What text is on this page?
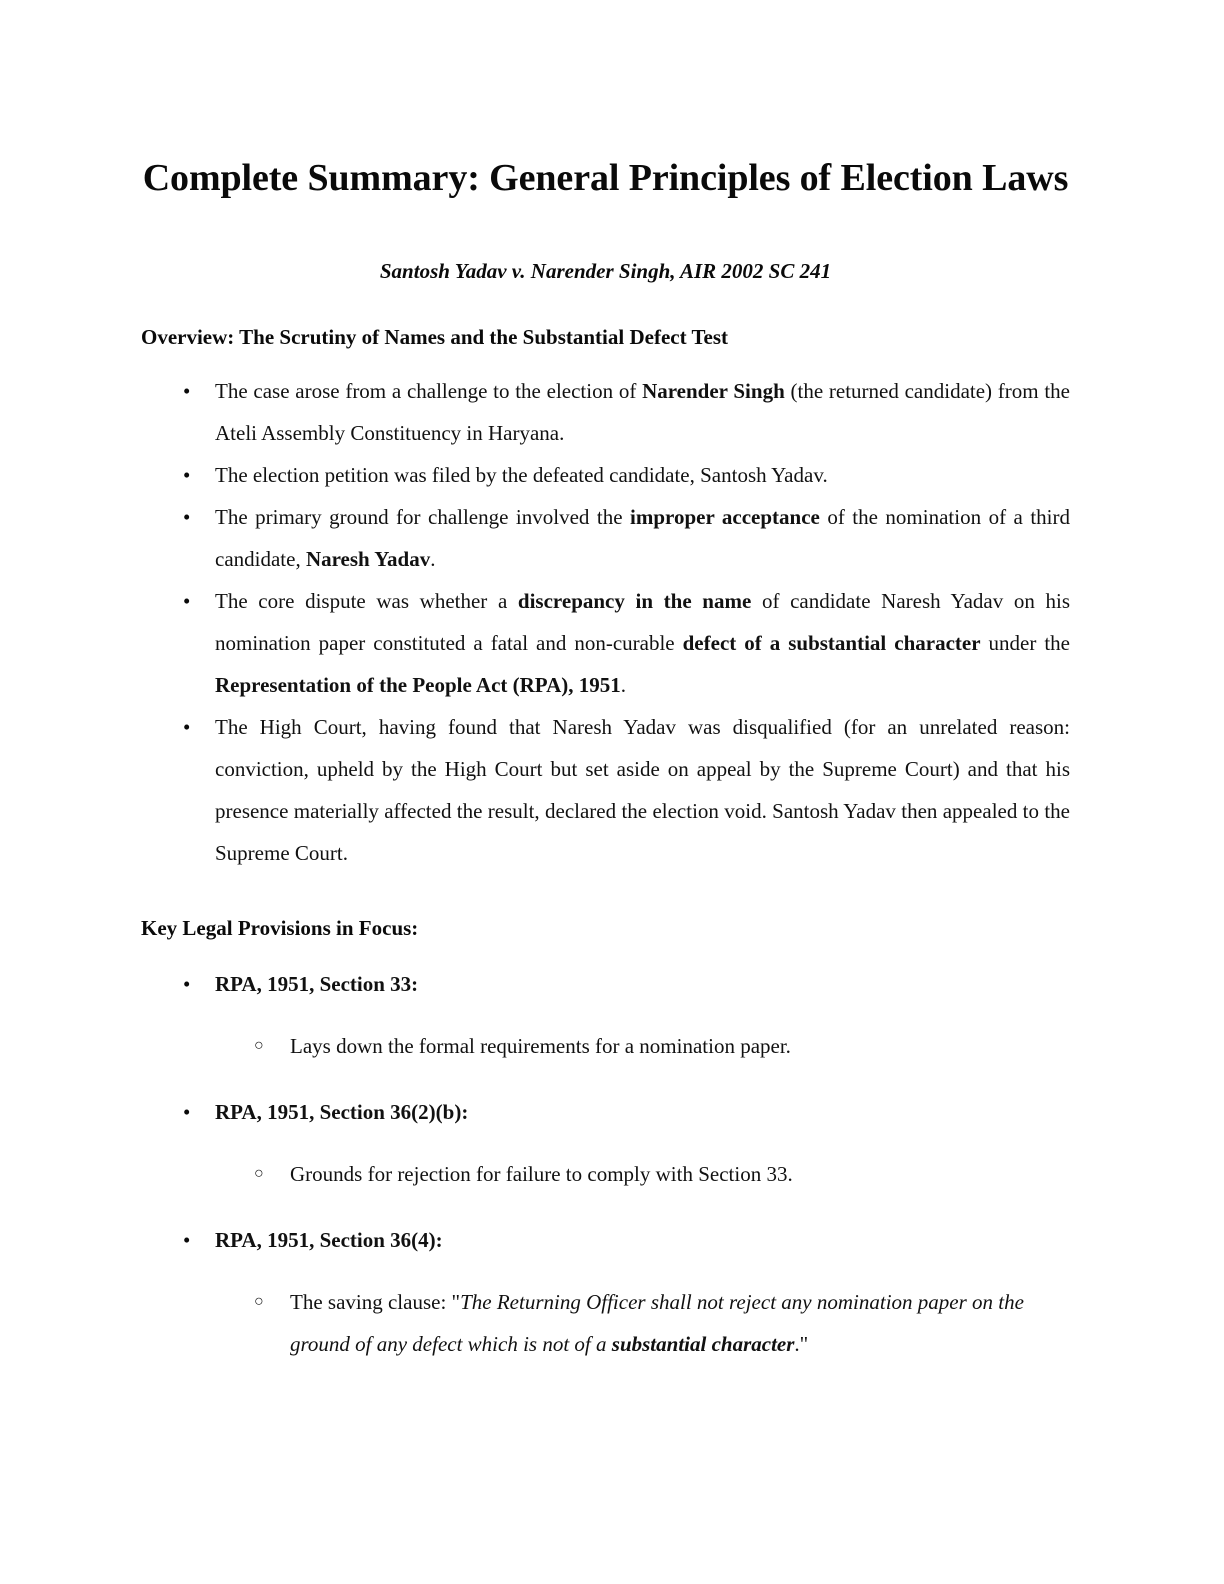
Complete Summary: General Principles of Election Laws

Santosh Yadav v. Narender Singh, AIR 2002 SC 241

Overview: The Scrutiny of Names and the Substantial Defect Test
• The case arose from a challenge to the election of Narender Singh (the returned candidate) from the Ateli Assembly Constituency in Haryana.
• The election petition was filed by the defeated candidate, Santosh Yadav.
• The primary ground for challenge involved the improper acceptance of the nomination of a third candidate, Naresh Yadav.
• The core dispute was whether a discrepancy in the name of candidate Naresh Yadav on his nomination paper constituted a fatal and non-curable defect of a substantial character under the Representation of the People Act (RPA), 1951.
• The High Court, having found that Naresh Yadav was disqualified (for an unrelated reason: conviction, upheld by the High Court but set aside on appeal by the Supreme Court) and that his presence materially affected the result, declared the election void. Santosh Yadav then appealed to the Supreme Court.
Key Legal Provisions in Focus:
• RPA, 1951, Section 33:
○ Lays down the formal requirements for a nomination paper.
• RPA, 1951, Section 36(2)(b):
○ Grounds for rejection for failure to comply with Section 33.
• RPA, 1951, Section 36(4):
○ The saving clause: "The Returning Officer shall not reject any nomination paper on the ground of any defect which is not of a substantial character."
